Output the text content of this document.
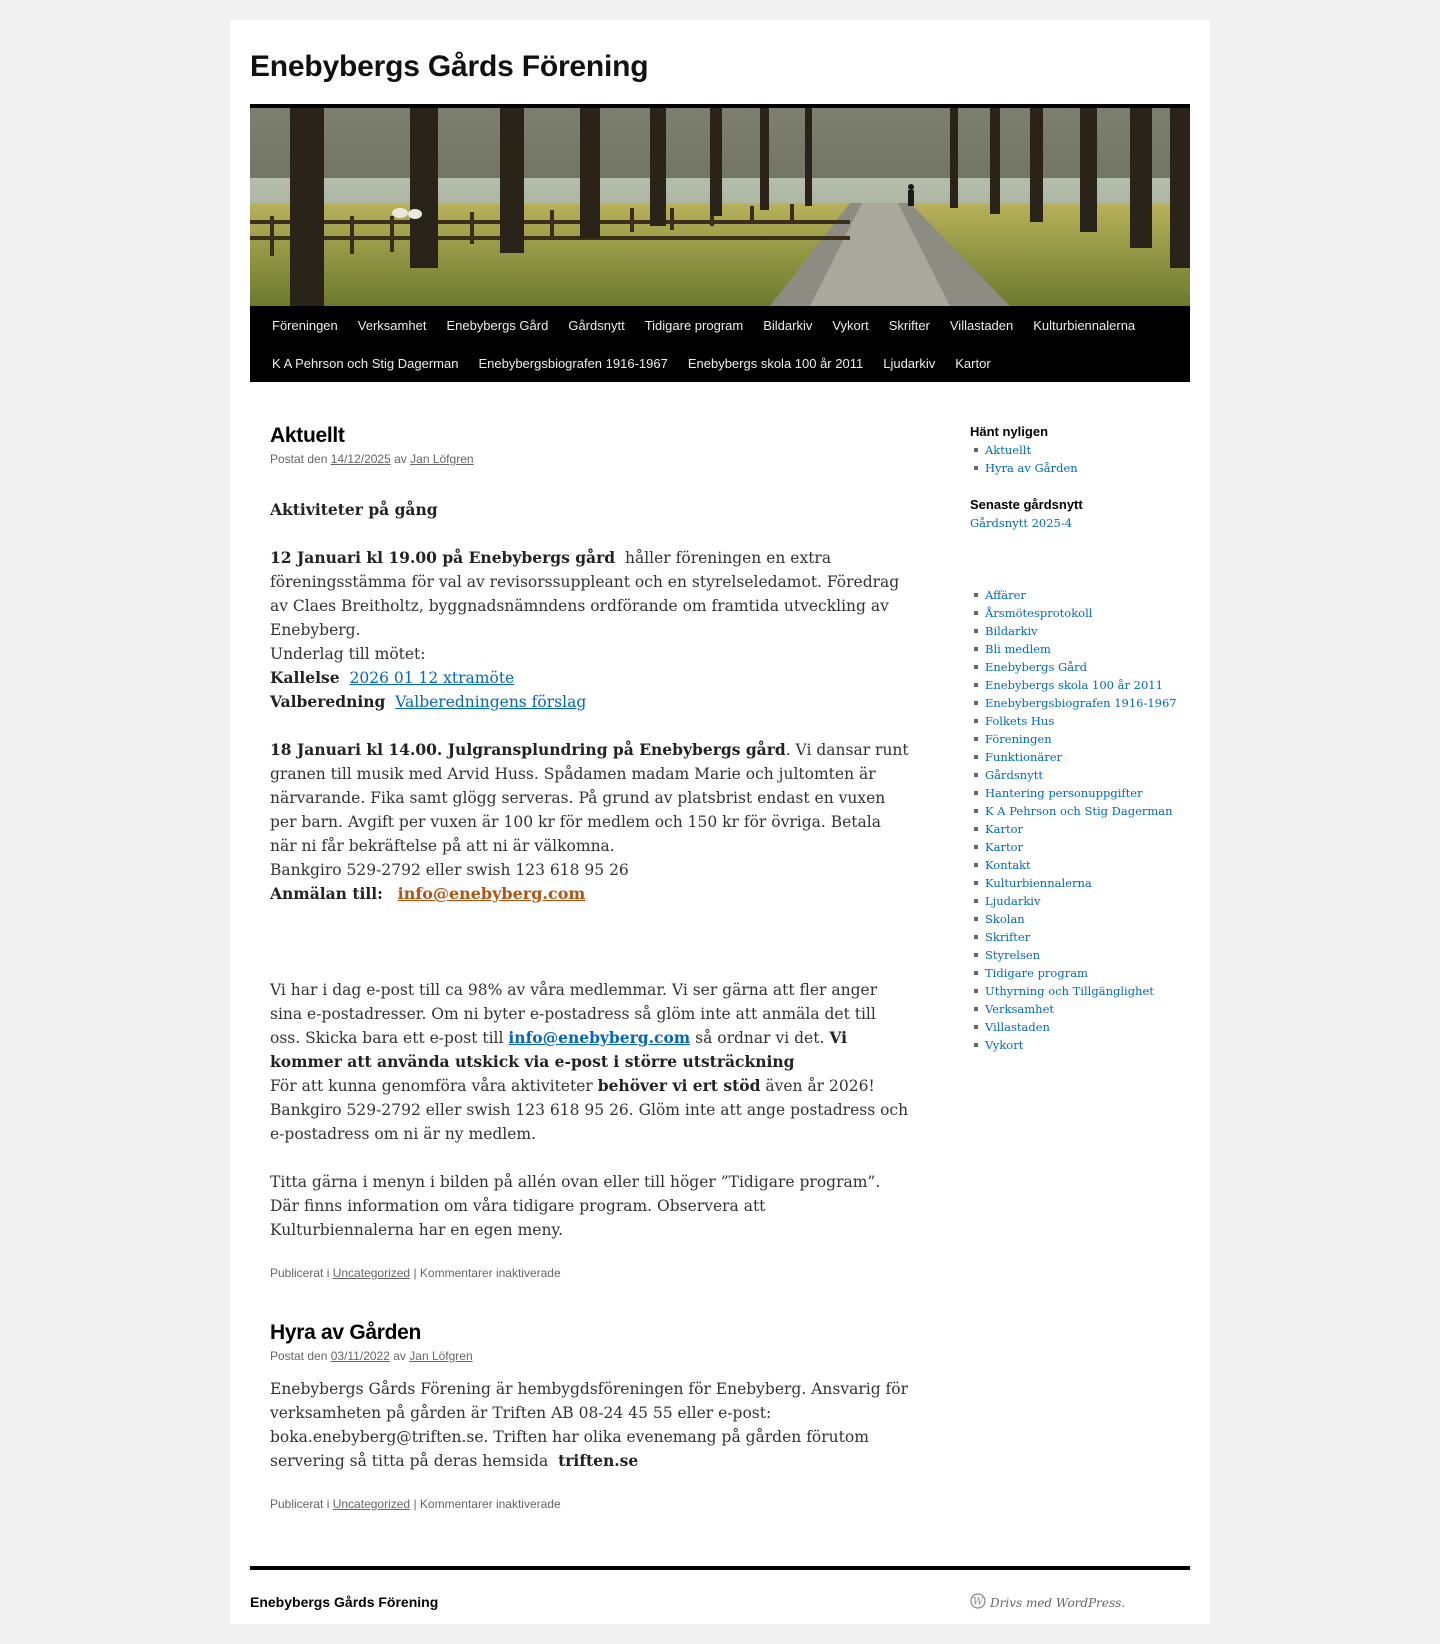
Enebybergs Gårds Förening
Föreningen	Verksamhet	Enebybergs Gård	Gårdsnytt	Tidigare program	Bildarkiv	Vykort	Skrifter	Villastaden	Kulturbiennalerna
K A Pehrson och Stig Dagerman	Enebybergsbiografen 1916-1967	Enebybergs skola 100 år 2011	Ljudarkiv	Kartor
Aktuellt
Postat den 14/12/2025 av Jan Löfgren

Aktiviteter på gång

12 Januari kl 19.00 på Enebybergs gård håller föreningen en extra föreningsstämma för val av revisorssuppleant och en styrelseledamot. Föredrag av Claes Breitholtz, byggnadsnämndens ordförande om framtida utveckling av Enebyberg.

Underlag till mötet:

Kallelse 2026 01 12 xtramöte

Valberedning Valberedningens förslag

18 Januari kl 14.00. Julgransplundring på Enebybergs gård. Vi dansar runt granen till musik med Arvid Huss. Spådamen madam Marie och jultomten är närvarande. Fika samt glögg serveras. På grund av platsbrist endast en vuxen per barn. Avgift per vuxen är 100 kr för medlem och 150 kr för övriga. Betala när ni får bekräftelse på att ni är välkomna.

Bankgiro 529-2792 eller swish 123 618 95 26

Anmälan till: info@enebyberg.com

Vi har i dag e-post till ca 98% av våra medlemmar. Vi ser gärna att fler anger sina e-postadresser. Om ni byter e-postadress så glöm inte att anmäla det till oss. Skicka bara ett e-post till info@enebyberg.com så ordnar vi det. Vi kommer att använda utskick via e-post i större utsträckning

För att kunna genomföra våra aktiviteter behöver vi ert stöd även år 2026! Bankgiro 529-2792 eller swish 123 618 95 26. Glöm inte att ange postadress och e-postadress om ni är ny medlem.

Titta gärna i menyn i bilden på allén ovan eller till höger ”Tidigare program”. Där finns information om våra tidigare program. Observera att Kulturbiennalerna har en egen meny.

Publicerat i Uncategorized | Kommentarer inaktiverade
Hyra av Gården
Postat den 03/11/2022 av Jan Löfgren

Enebybergs Gårds Förening är hembygdsföreningen för Enebyberg. Ansvarig för verksamheten på gården är Triften AB 08-24 45 55 eller e-post: boka.enebyberg@triften.se. Triften har olika evenemang på gården förutom servering så titta på deras hemsida triften.se

Publicerat i Uncategorized | Kommentarer inaktiverade
Hänt nyligen
Aktuellt
Hyra av Gården
Senaste gårdsnytt
Gårdsnytt 2025-4
Affärer
Årsmötesprotokoll
Bildarkiv
Bli medlem
Enebybergs Gård
Enebybergs skola 100 år 2011
Enebybergsbiografen 1916-1967
Folkets Hus
Föreningen
Funktionärer
Gårdsnytt
Hantering personuppgifter
K A Pehrson och Stig Dagerman
Kartor
Kartor
Kontakt
Kulturbiennalerna
Ljudarkiv
Skolan
Skrifter
Styrelsen
Tidigare program
Uthyrning och Tillgänglighet
Verksamhet
Villastaden
Vykort
Enebybergs Gårds Förening	W Drivs med WordPress.
